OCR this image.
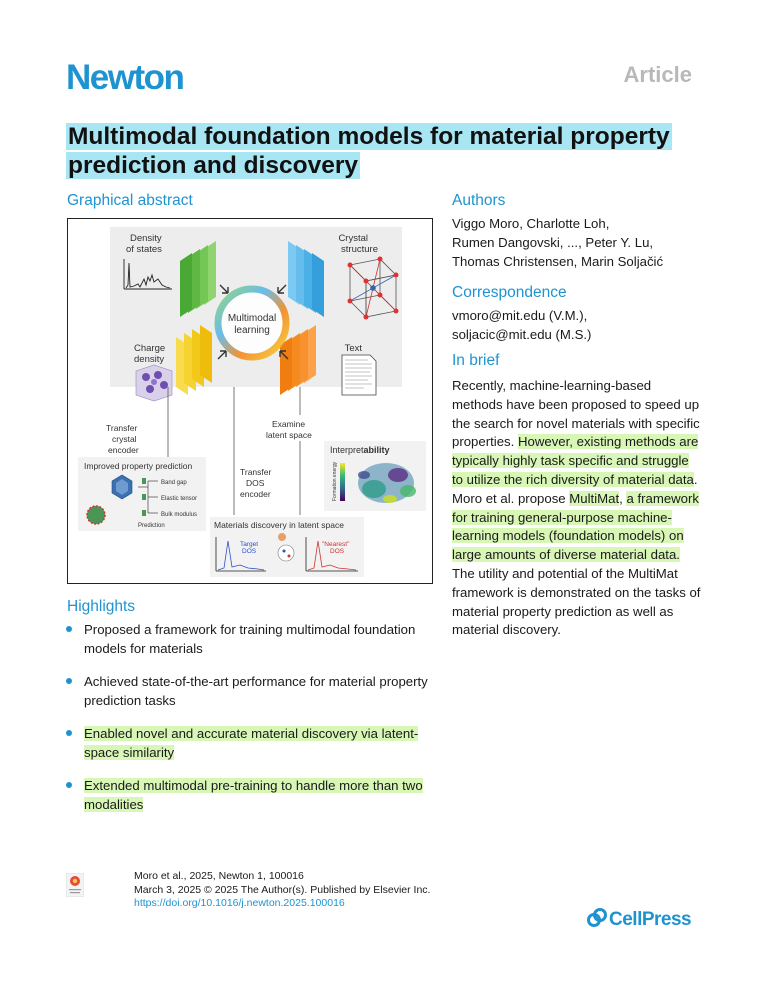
Newton	Article
Multimodal foundation models for material property
prediction and discovery
Graphical abstract
Multimodal
learning
Density
of states
Crystal
structure
Charge
density
Text
Transfer
crystal
encoder
Examine
latent space
Transfer
DOS
encoder
Interpretability
Formation energy
Improved property prediction
Band gap
Elastic tensor
Bulk modulus
Prediction	Materials discovery in latent space
Target
DOS
"Nearest"
DOS
Authors
Viggo Moro, Charlotte Loh,
Rumen Dangovski, ..., Peter Y. Lu,
Thomas Christensen, Marin Soljačić
Correspondence
vmoro@mit.edu (V.M.),
soljacic@mit.edu (M.S.)
In brief

Recently, machine-learning-based methods have been proposed to speed up the search for novel materials with specific properties. However, existing methods are typically highly task specific and struggle to utilize the rich diversity of material data. Moro et al. propose MultiMat, a framework for training general-purpose machine-learning models (foundation models) on large amounts of diverse material data. The utility and potential of the MultiMat framework is demonstrated on the tasks of material property prediction as well as material discovery.

Highlights
Proposed a framework for training multimodal foundation models for materials
Achieved state-of-the-art performance for material property prediction tasks
Enabled novel and accurate material discovery via latent-space similarity
Extended multimodal pre-training to handle more than two modalities
Moro et al., 2025, Newton 1, 100016
March 3, 2025 © 2025 The Author(s). Published by Elsevier Inc.
https://doi.org/10.1016/j.newton.2025.100016
CellPress
